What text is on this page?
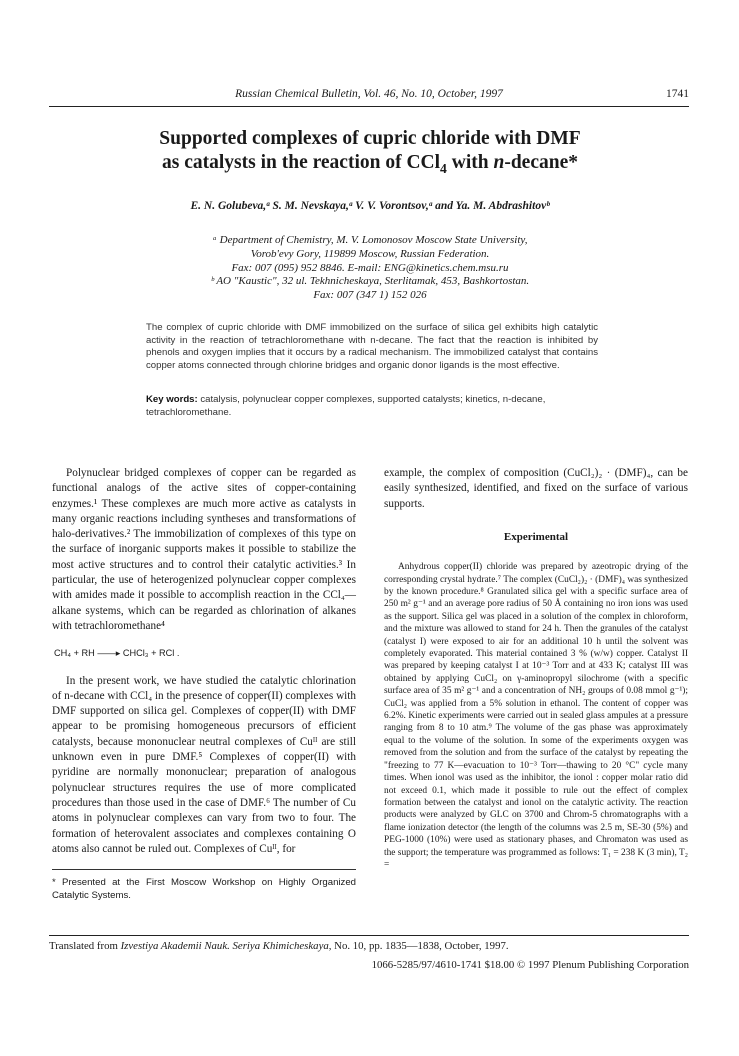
Russian Chemical Bulletin, Vol. 46, No. 10, October, 1997	1741
Supported complexes of cupric chloride with DMF
as catalysts in the reaction of CCl$_4$ with n-decane*
E. N. Golubeva,ᵃ S. M. Nevskaya,ᵃ V. V. Vorontsov,ᵃ and Ya. M. Abdrashitovᵇ
ᵃ Department of Chemistry, M. V. Lomonosov Moscow State University,
Vorob'evy Gory, 119899 Moscow, Russian Federation.
Fax: 007 (095) 952 8846. E-mail: ENG@kinetics.chem.msu.ru
ᵇ AO "Kaustic", 32 ul. Tekhnicheskaya, Sterlitamak, 453, Bashkortostan.
Fax: 007 (347 1) 152 026
The complex of cupric chloride with DMF immobilized on the surface of silica gel exhibits high catalytic activity in the reaction of tetrachloromethane with n-decane. The fact that the reaction is inhibited by phenols and oxygen implies that it occurs by a radical mechanism. The immobilized catalyst that contains copper atoms connected through chlorine bridges and organic donor ligands is the most effective.
Key words: catalysis, polynuclear copper complexes, supported catalysts; kinetics, n-decane, tetrachloromethane.

Polynuclear bridged complexes of copper can be regarded as functional analogs of the active sites of copper-containing enzymes.¹ These complexes are much more active as catalysts in many organic reactions including syntheses and transformations of halo-derivatives.² The immobilization of complexes of this type on the surface of inorganic supports makes it possible to stabilize the most active structures and to control their catalytic activities.³ In particular, the use of heterogenized polynuclear copper complexes with amides made it possible to accomplish reaction in the CCl₄—alkane systems, which can be regarded as chlorination of alkanes with tetrachloromethane⁴

CH₄ + RH ——▸ CHCl₃ + RCl .

In the present work, we have studied the catalytic chlorination of n-decane with CCl₄ in the presence of copper(II) complexes with DMF supported on silica gel. Complexes of copper(II) with DMF appear to be promising homogeneous precursors of efficient catalysts, because mononuclear neutral complexes of Cuᴵᴵ are still unknown even in pure DMF.⁵ Complexes of copper(II) with pyridine are normally mononuclear; preparation of analogous polynuclear structures requires the use of more complicated procedures than those used in the case of DMF.⁶ The number of Cu atoms in polynuclear complexes can vary from two to four. The formation of heterovalent associates and complexes containing O atoms also cannot be ruled out. Complexes of Cuᴵᴵ, for

* Presented at the First Moscow Workshop on Highly Organized Catalytic Systems.

example, the complex of composition (CuCl₂)₂ · (DMF)₄, can be easily synthesized, identified, and fixed on the surface of various supports.

Experimental

Anhydrous copper(II) chloride was prepared by azeotropic drying of the corresponding crystal hydrate.⁷ The complex (CuCl₂)₂ · (DMF)₄ was synthesized by the known procedure.⁸ Granulated silica gel with a specific surface area of 250 m² g⁻¹ and an average pore radius of 50 Å containing no iron ions was used as the support. Silica gel was placed in a solution of the complex in chloroform, and the mixture was allowed to stand for 24 h. Then the granules of the catalyst (catalyst I) were exposed to air for an additional 10 h until the solvent was completely evaporated. This material contained 3 % (w/w) copper. Catalyst II was prepared by keeping catalyst I at 10⁻³ Torr and at 433 K; catalyst III was obtained by applying CuCl₂ on γ-aminopropyl silochrome (with a specific surface area of 35 m² g⁻¹ and a concentration of NH₂ groups of 0.08 mmol g⁻¹); CuCl₂ was applied from a 5% solution in ethanol. The content of copper was 6.2%. Kinetic experiments were carried out in sealed glass ampules at a pressure ranging from 8 to 10 atm.⁹ The volume of the gas phase was approximately equal to the volume of the solution. In some of the experiments oxygen was removed from the solution and from the surface of the catalyst by repeating the "freezing to 77 K—evacuation to 10⁻³ Torr—thawing to 20 °C" cycle many times. When ionol was used as the inhibitor, the ionol : copper molar ratio did not exceed 0.1, which made it possible to rule out the effect of complex formation between the catalyst and ionol on the catalytic activity. The reaction products were analyzed by GLC on 3700 and Chrom-5 chromatographs with a flame ionization detector (the length of the columns was 2.5 m, SE-30 (5%) and PEG-1000 (10%) were used as stationary phases, and Chromaton was used as the support; the temperature was programmed as follows: T₁ = 238 K (3 min), T₂ =

Translated from Izvestiya Akademii Nauk. Seriya Khimicheskaya, No. 10, pp. 1835—1838, October, 1997.
1066-5285/97/4610-1741 $18.00 © 1997 Plenum Publishing Corporation
